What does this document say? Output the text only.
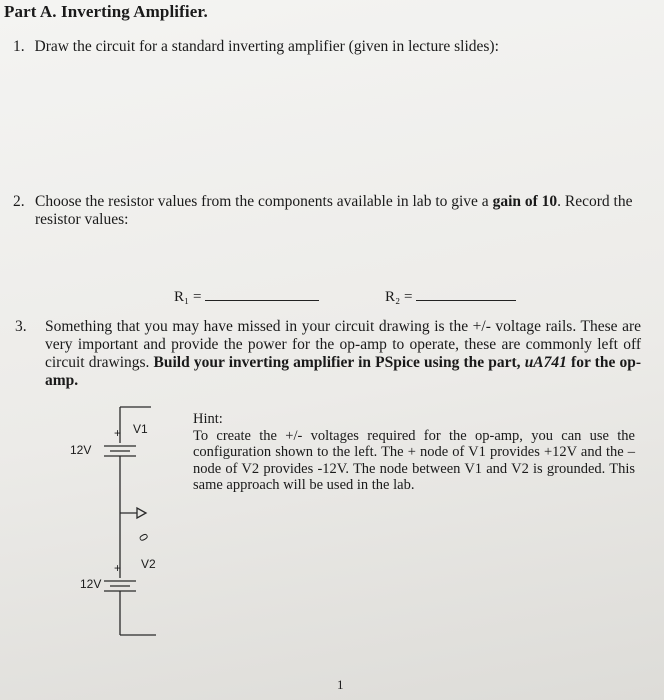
Part A. Inverting Amplifier.
1. Draw the circuit for a standard inverting amplifier (given in lecture slides):
2. Choose the resistor values from the components available in lab to give a gain of 10. Record the resistor values:
R₁ =	R₂ =
3. Something that you may have missed in your circuit drawing is the +/- voltage rails. These are very important and provide the power for the op-amp to operate, these are commonly left off circuit drawings. Build your inverting amplifier in PSpice using the part, uA741 for the op-amp.
+ V1
12V
0
+ V2
12V
Hint:
To create the +/- voltages required for the op-amp, you can use the configuration shown to the left. The + node of V1 provides +12V and the – node of V2 provides -12V. The node between V1 and V2 is grounded. This same approach will be used in the lab.
1
